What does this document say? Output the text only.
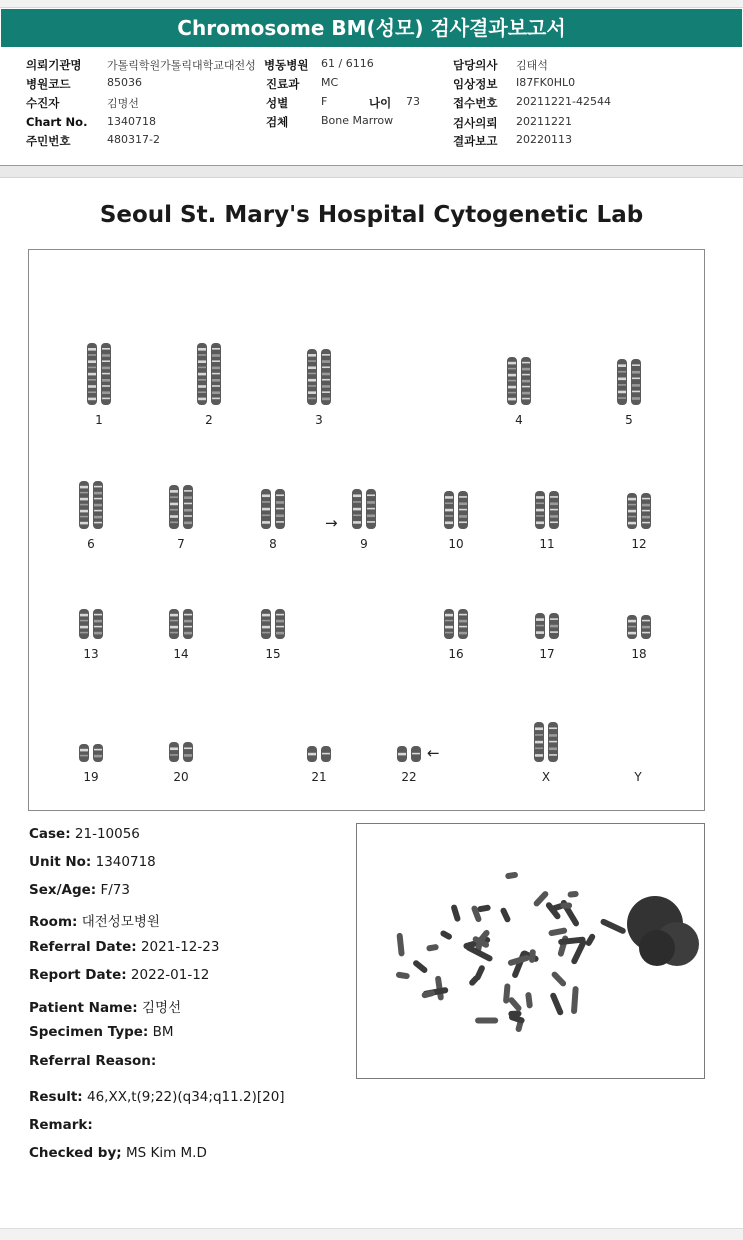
Chromosome BM(성모) 검사결과보고서
의뢰기관명 가톨릭학원가톨릭대학교대전성
병원코드	85036
수진자	김명선
Chart No. 1340718
주민번호	480317-2
병동병원 61 / 6116
진료과 MC
성별	F	나이 73
검체	Bone Marrow
담당의사 김태석
임상정보 I87FK0HL0
접수번호 20211221-42544
검사의뢰 20211221
결과보고 20220113
Seoul St. Mary's Hospital Cytogenetic Lab
→
←
1	2	3	4	5
6	7	8	9	10	11	12
13	14	15	16	17	18
19	20	21	22	X	Y
Case: 21-10056
Unit No: 1340718
Sex/Age: F/73
Room: 대전성모병원
Referral Date: 2021-12-23
Report Date: 2022-01-12
Patient Name: 김명선
Specimen Type: BM
Referral Reason:
Result: 46,XX,t(9;22)(q34;q11.2)[20]
Remark:
Checked by; MS Kim M.D
